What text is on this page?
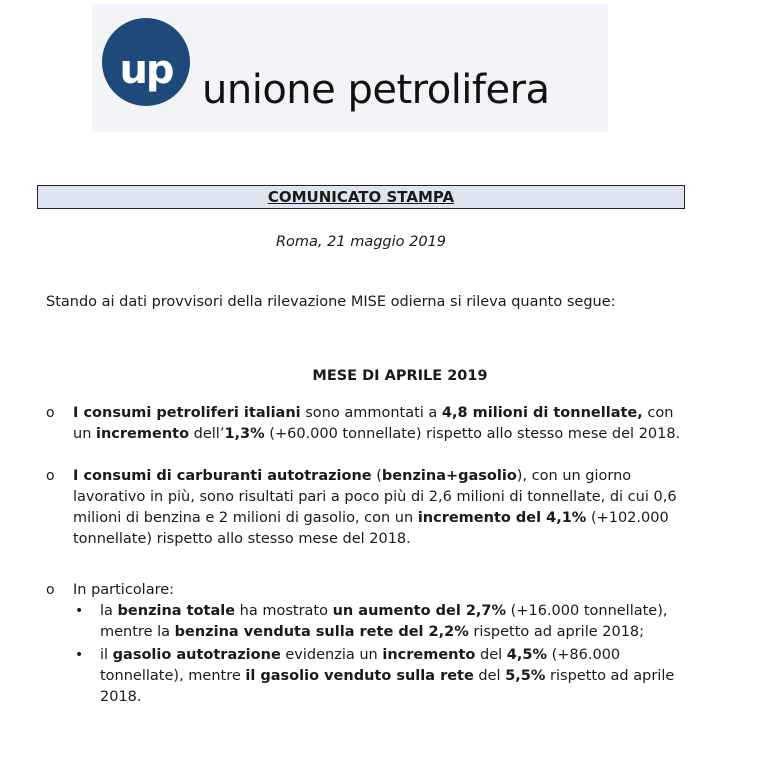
up unione petrolifera
COMUNICATO STAMPA
Roma, 21 maggio 2019
Stando ai dati provvisori della rilevazione MISE odierna si rileva quanto segue:
MESE DI APRILE 2019
o I consumi petroliferi italiani sono ammontati a 4,8 milioni di tonnellate, con un incremento dell’1,3% (+60.000 tonnellate) rispetto allo stesso mese del 2018.
o I consumi di carburanti autotrazione (benzina+gasolio), con un giorno lavorativo in più, sono risultati pari a poco più di 2,6 milioni di tonnellate, di cui 0,6 milioni di benzina e 2 milioni di gasolio, con un incremento del 4,1% (+102.000 tonnellate) rispetto allo stesso mese del 2018.
o In particolare:
• la benzina totale ha mostrato un aumento del 2,7% (+16.000 tonnellate), mentre la benzina venduta sulla rete del 2,2% rispetto ad aprile 2018;
• il gasolio autotrazione evidenzia un incremento del 4,5% (+86.000 tonnellate), mentre il gasolio venduto sulla rete del 5,5% rispetto ad aprile 2018.
